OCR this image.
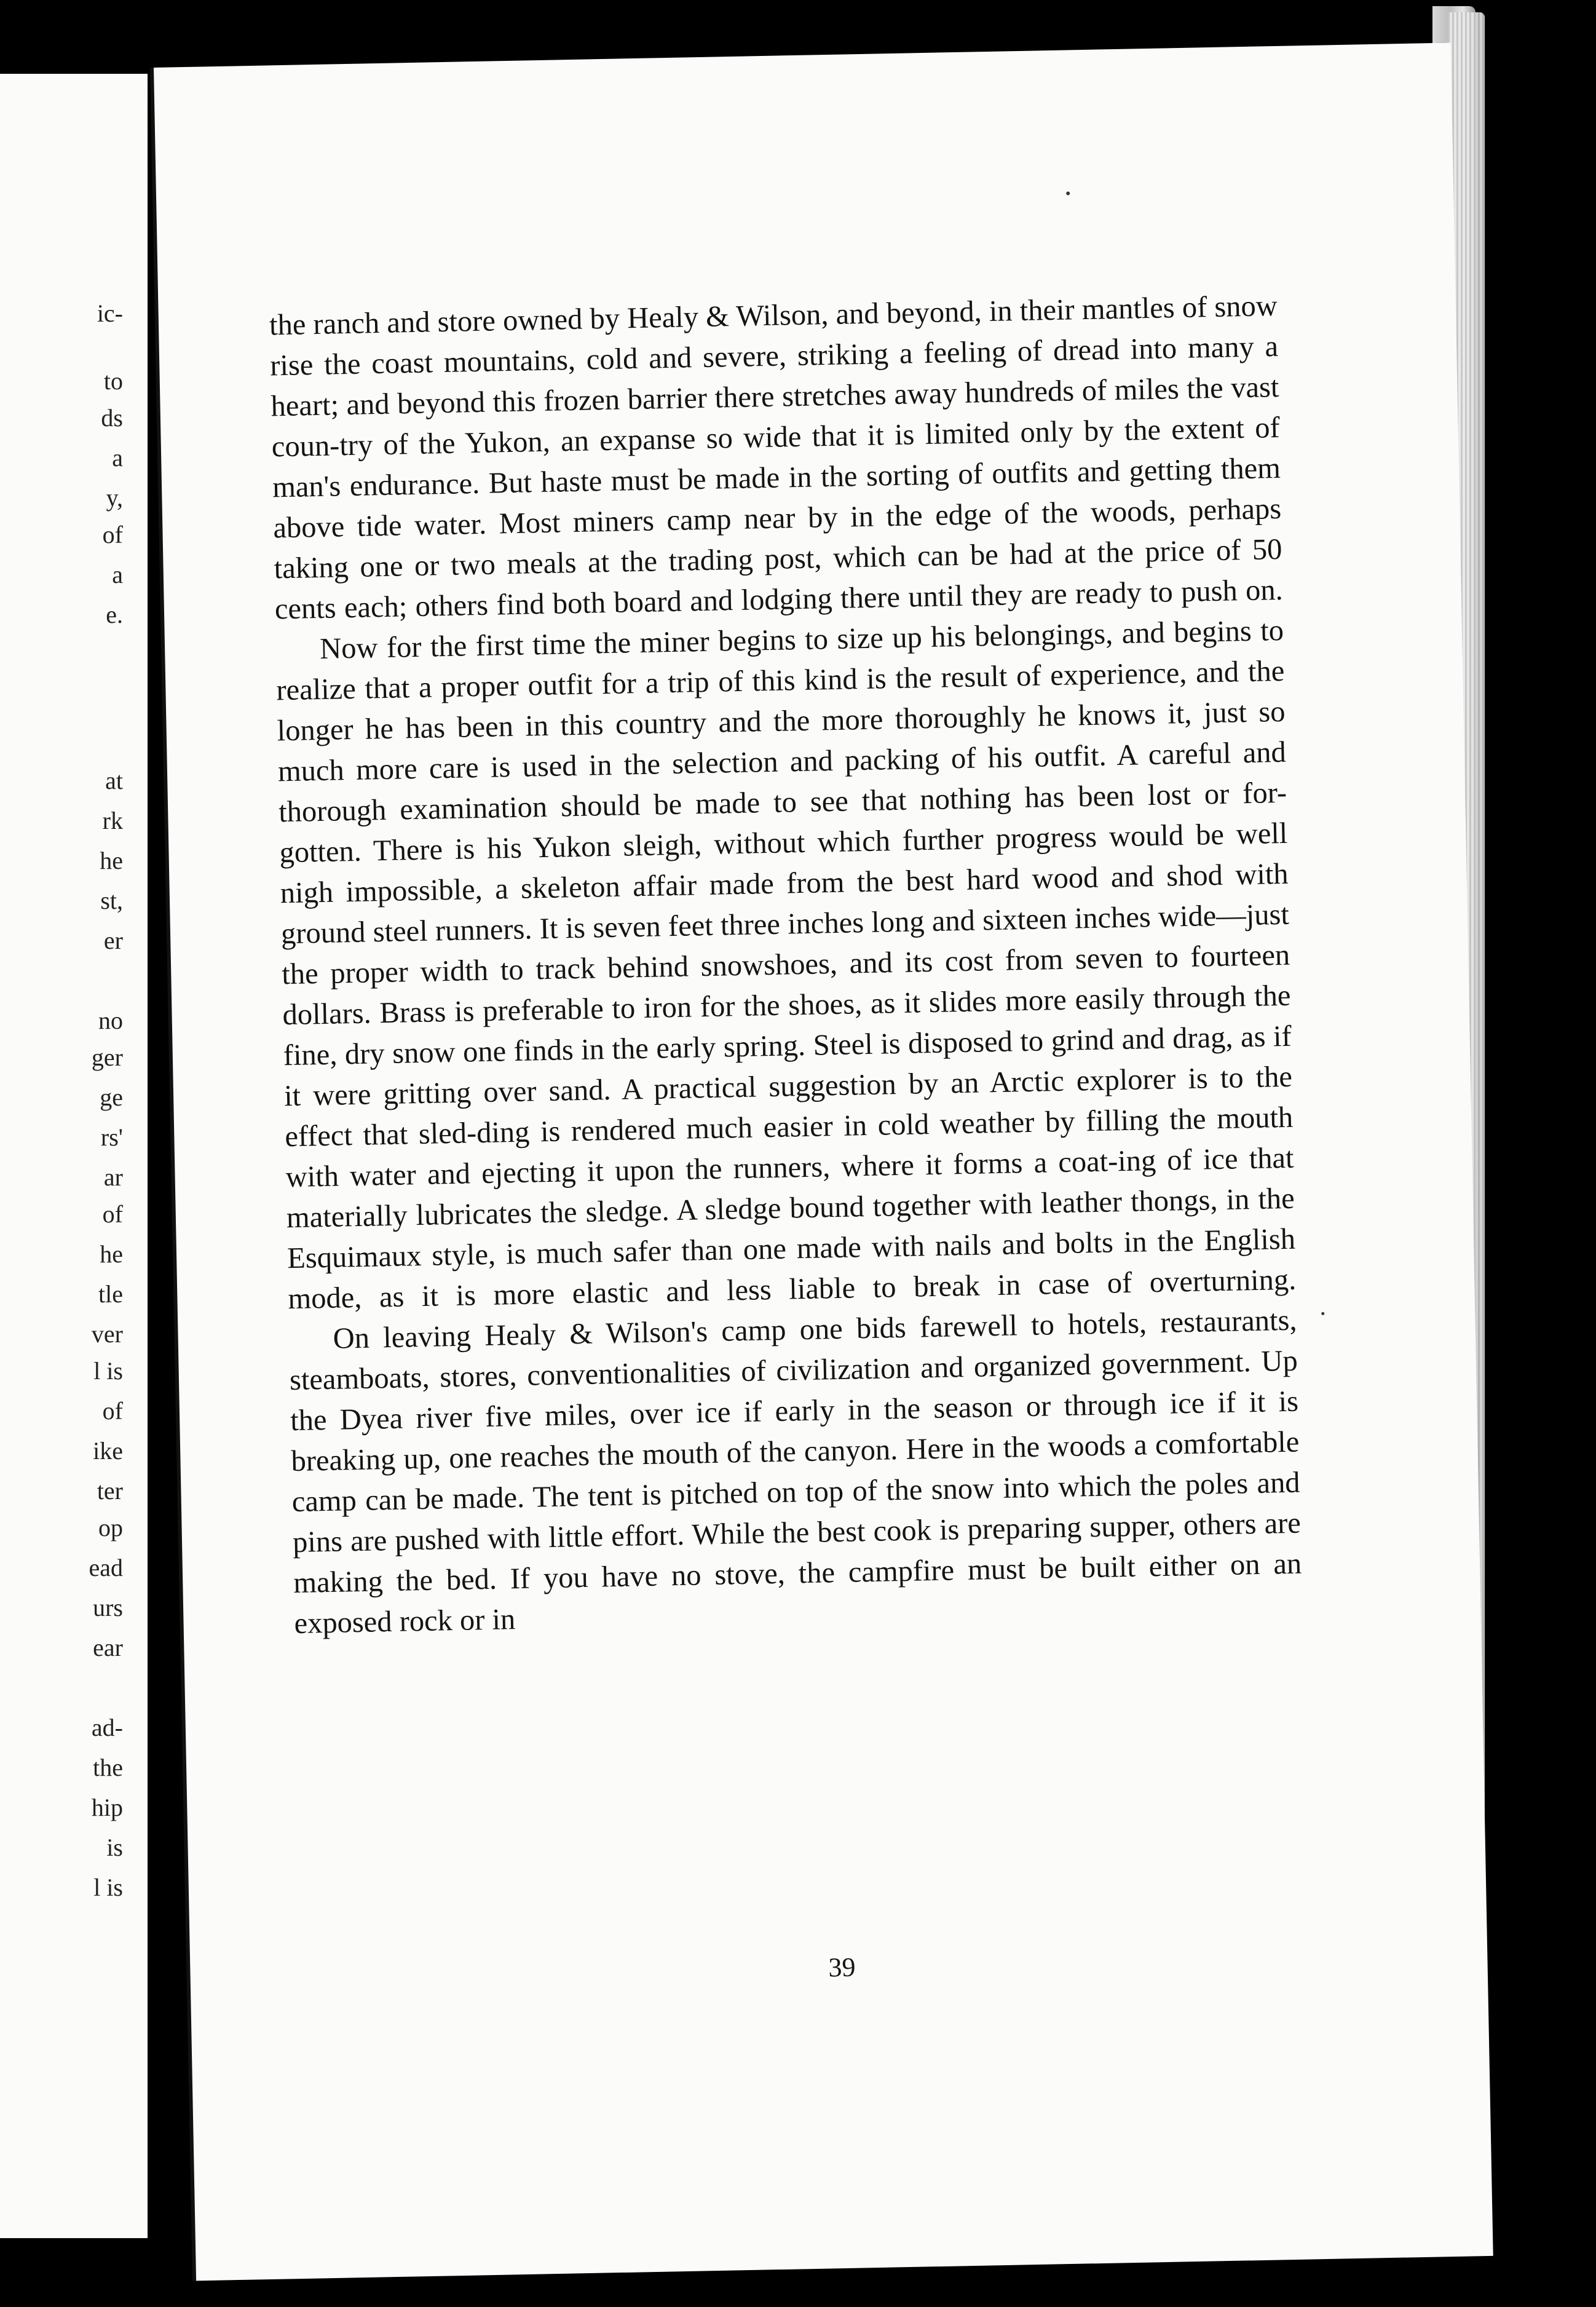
ic-
to
ds
a
y,
of
a
e.
at
rk
he
st,
er
no
ger
ge
rs'
ar
of
he
tle
ver
l is
of
ike
ter
op
ead
urs
ear
ad-
the
hip
is
l is

the ranch and store owned by Healy & Wilson, and beyond, in their mantles of snow rise the coast mountains, cold and severe, striking a feeling of dread into many a heart; and beyond this frozen barrier there stretches away hundreds of miles the vast coun-try of the Yukon, an expanse so wide that it is limited only by the extent of man's endurance. But haste must be made in the sorting of outfits and getting them above tide water. Most miners camp near by in the edge of the woods, perhaps taking one or two meals at the trading post, which can be had at the price of 50 cents each; others find both board and lodging there until they are ready to push on.

Now for the first time the miner begins to size up his belongings, and begins to realize that a proper outfit for a trip of this kind is the result of experience, and the longer he has been in this country and the more thoroughly he knows it, just so much more care is used in the selection and packing of his outfit. A careful and thorough examination should be made to see that nothing has been lost or for-gotten. There is his Yukon sleigh, without which further progress would be well nigh impossible, a skeleton affair made from the best hard wood and shod with ground steel runners. It is seven feet three inches long and sixteen inches wide—just the proper width to track behind snowshoes, and its cost from seven to fourteen dollars. Brass is preferable to iron for the shoes, as it slides more easily through the fine, dry snow one finds in the early spring. Steel is disposed to grind and drag, as if it were gritting over sand. A practical suggestion by an Arctic explorer is to the effect that sled-ding is rendered much easier in cold weather by filling the mouth with water and ejecting it upon the runners, where it forms a coat-ing of ice that materially lubricates the sledge. A sledge bound together with leather thongs, in the Esquimaux style, is much safer than one made with nails and bolts in the English mode, as it is more elastic and less liable to break in case of overturning.

On leaving Healy & Wilson's camp one bids farewell to hotels, restaurants, steamboats, stores, conventionalities of civilization and organized government. Up the Dyea river five miles, over ice if early in the season or through ice if it is breaking up, one reaches the mouth of the canyon. Here in the woods a comfortable camp can be made. The tent is pitched on top of the snow into which the poles and pins are pushed with little effort. While the best cook is preparing supper, others are making the bed. If you have no stove, the campfire must be built either on an exposed rock or in

39
